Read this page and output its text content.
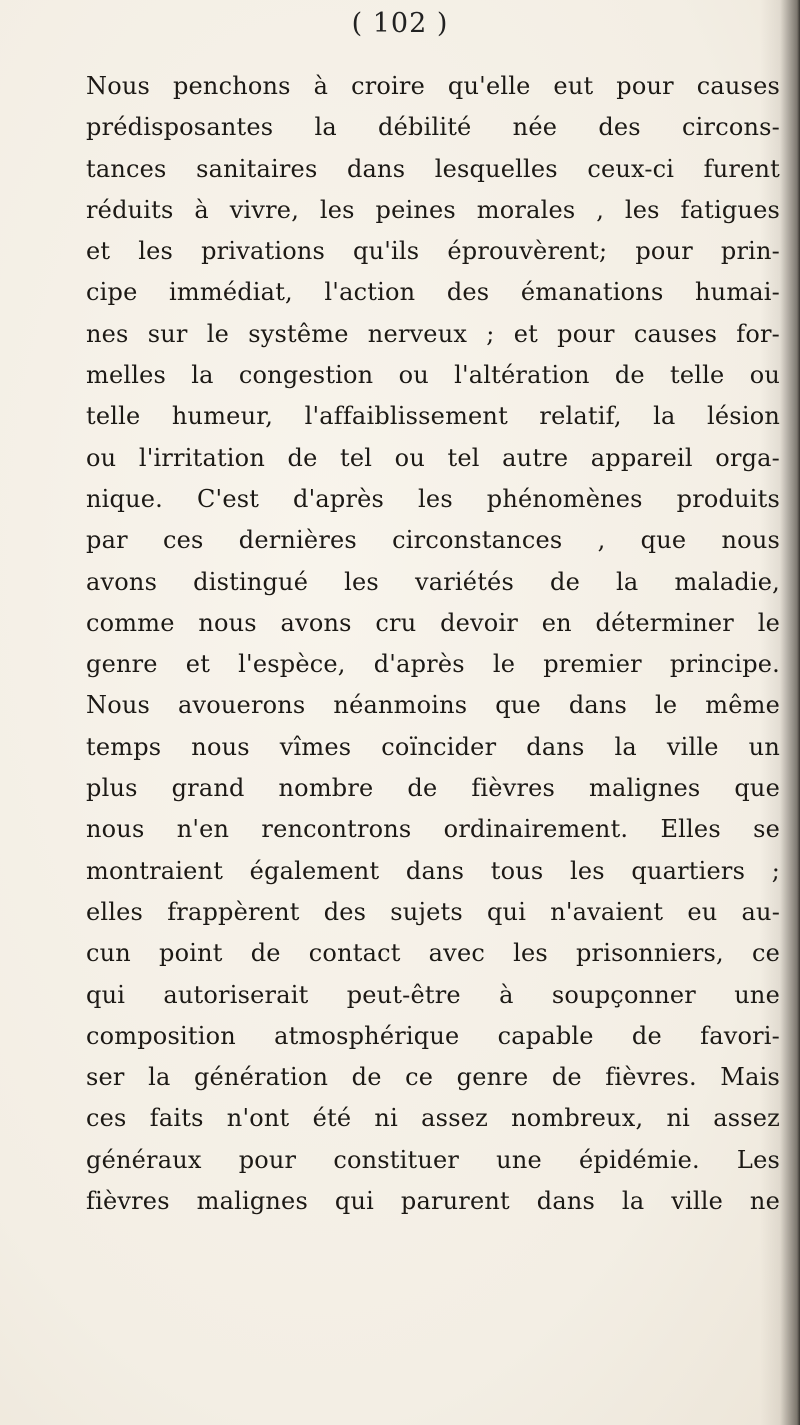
( 102 )
Nous penchons à croire qu'elle eut pour causes
prédisposantes la débilité née des circons-
tances sanitaires dans lesquelles ceux-ci furent
réduits à vivre, les peines morales , les fatigues
et les privations qu'ils éprouvèrent; pour prin-
cipe immédiat, l'action des émanations humai-
nes sur le systême nerveux ; et pour causes for-
melles la congestion ou l'altération de telle ou
telle humeur, l'affaiblissement relatif, la lésion
ou l'irritation de tel ou tel autre appareil orga-
nique. C'est d'après les phénomènes produits
par ces dernières circonstances , que nous
avons distingué les variétés de la maladie,
comme nous avons cru devoir en déterminer le
genre et l'espèce, d'après le premier principe.
Nous avouerons néanmoins que dans le même
temps nous vîmes coïncider dans la ville un
plus grand nombre de fièvres malignes que
nous n'en rencontrons ordinairement. Elles se
montraient également dans tous les quartiers ;
elles frappèrent des sujets qui n'avaient eu au-
cun point de contact avec les prisonniers, ce
qui autoriserait peut-être à soupçonner une
composition atmosphérique capable de favori-
ser la génération de ce genre de fièvres. Mais
ces faits n'ont été ni assez nombreux, ni assez
généraux pour constituer une épidémie. Les
fièvres malignes qui parurent dans la ville ne
